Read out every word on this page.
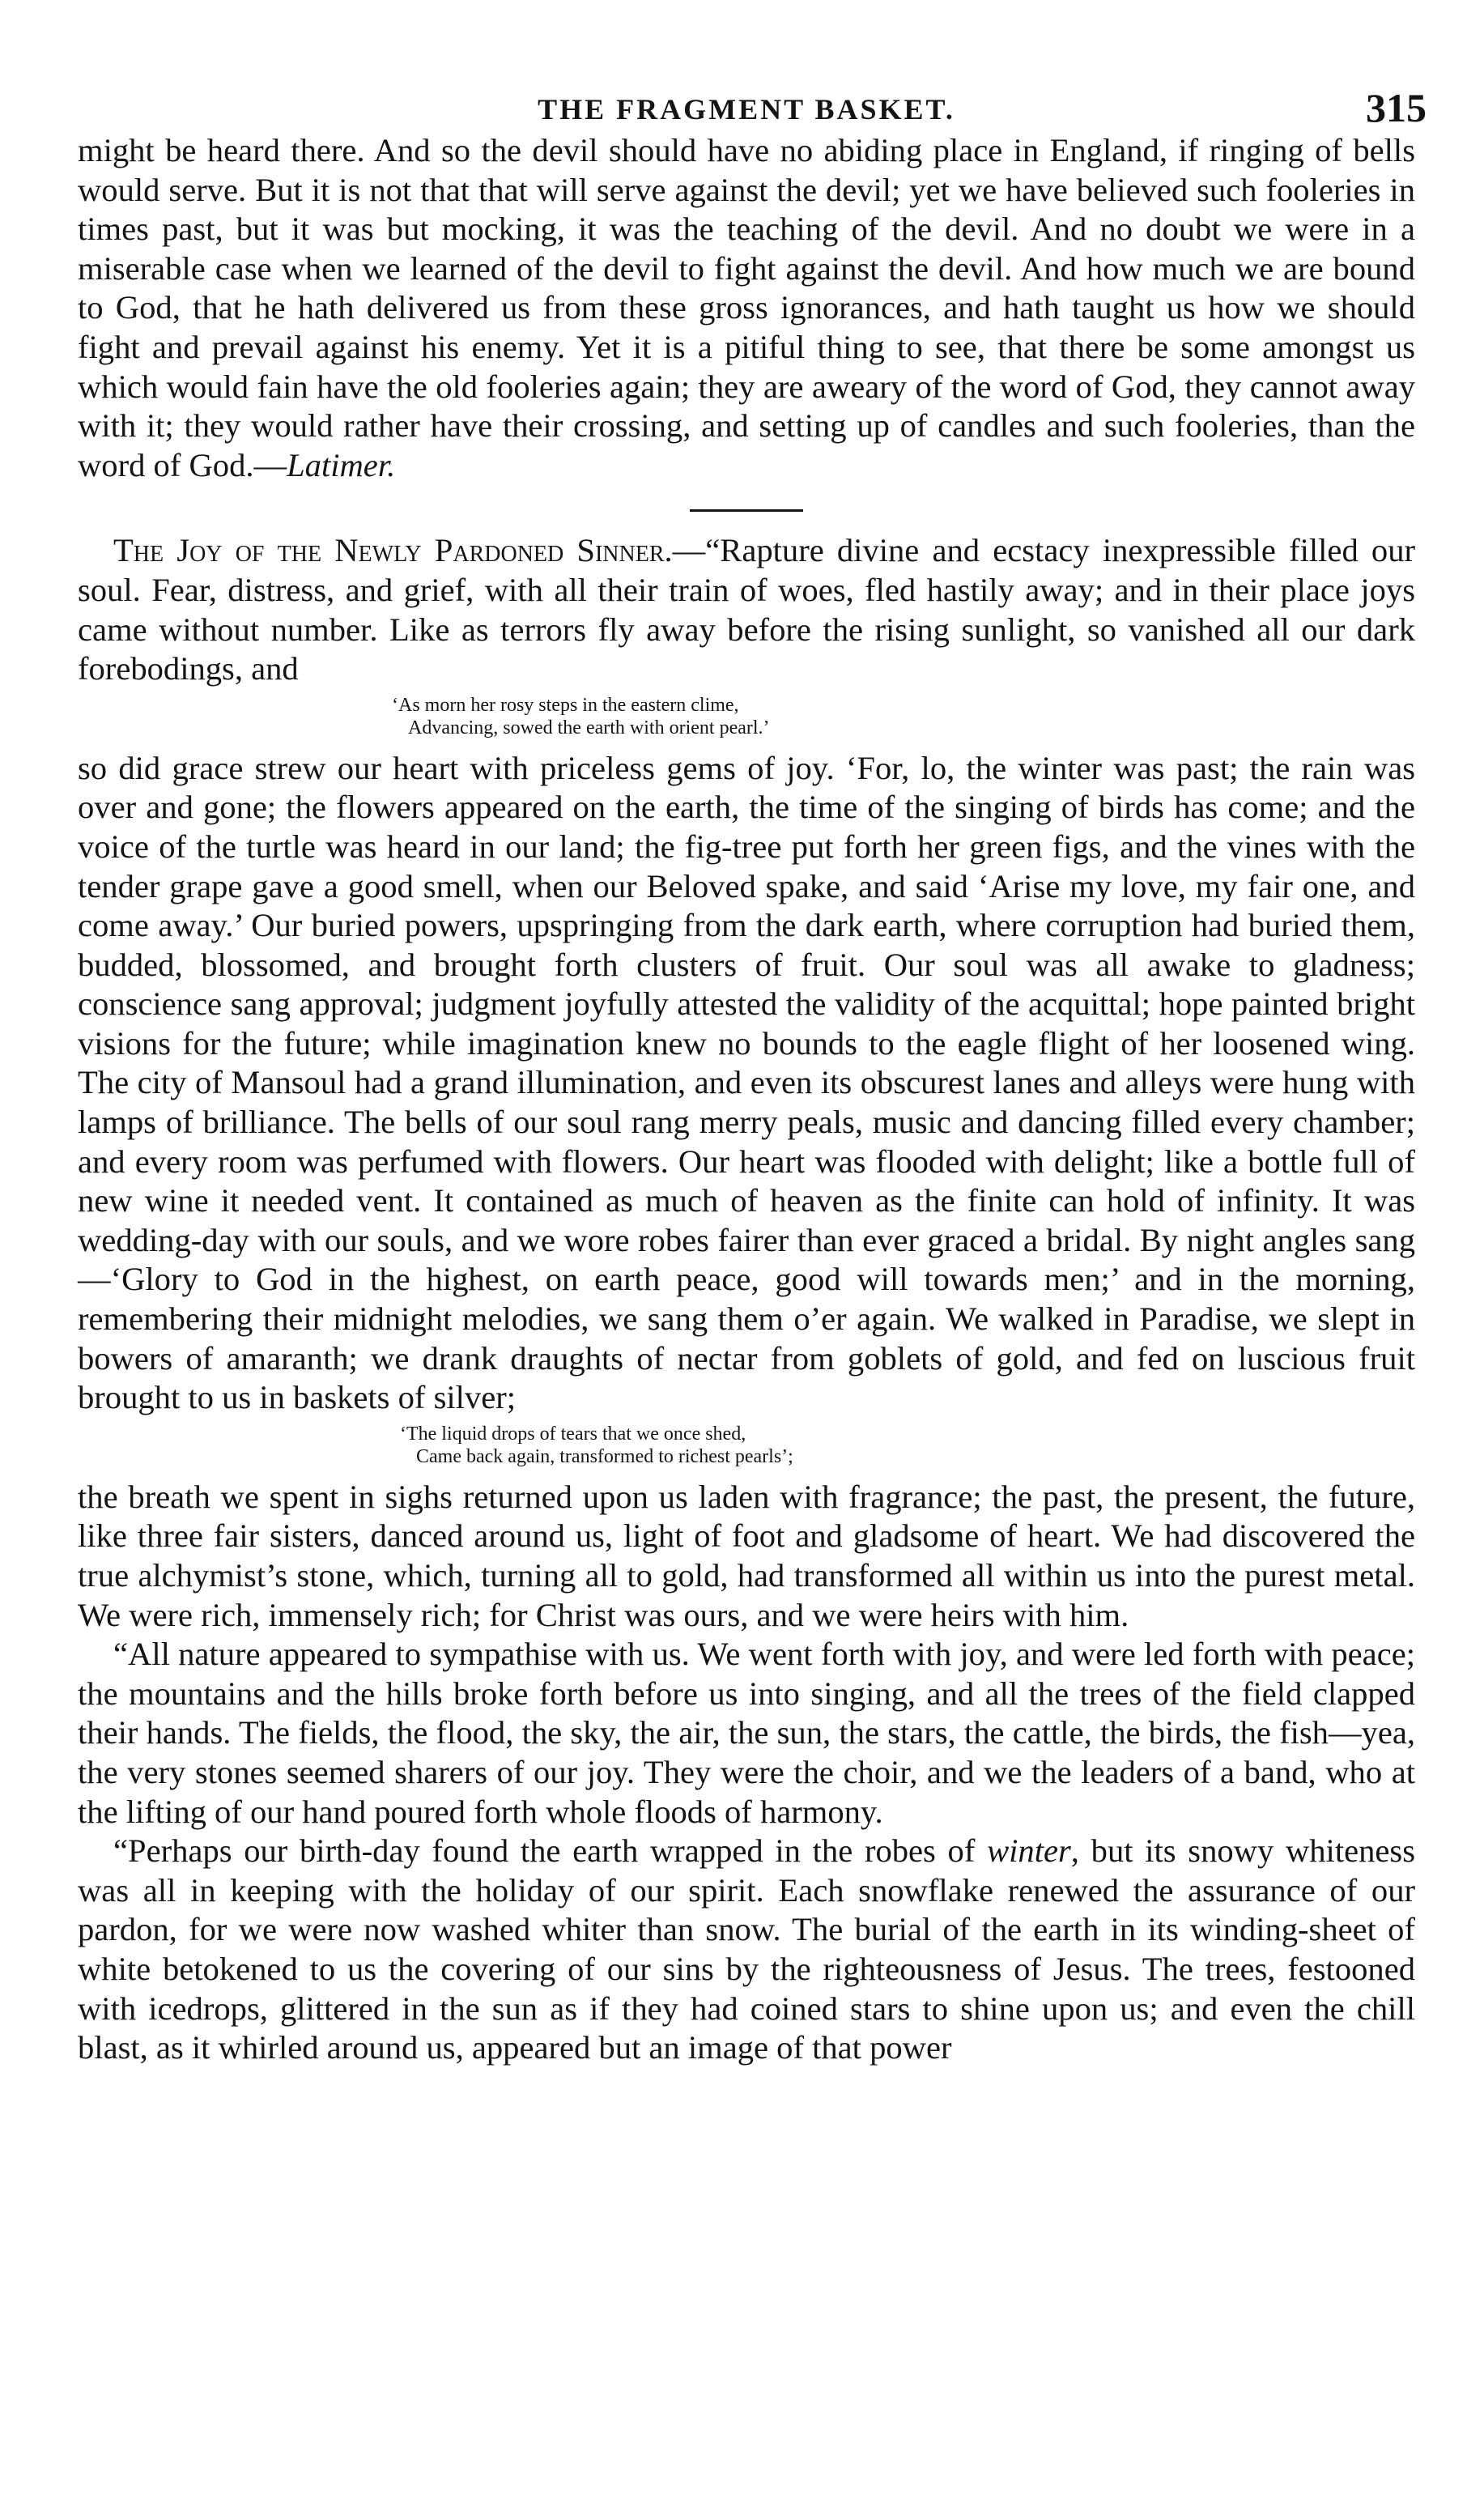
THE FRAGMENT BASKET.	315

might be heard there. And so the devil should have no abiding place in England, if ringing of bells would serve. But it is not that that will serve against the devil; yet we have believed such fooleries in times past, but it was but mocking, it was the teaching of the devil. And no doubt we were in a miserable case when we learned of the devil to fight against the devil. And how much we are bound to God, that he hath delivered us from these gross ignorances, and hath taught us how we should fight and prevail against his enemy. Yet it is a pitiful thing to see, that there be some amongst us which would fain have the old fooleries again; they are aweary of the word of God, they cannot away with it; they would rather have their crossing, and setting up of candles and such fooleries, than the word of God.—Latimer.

The Joy of the Newly Pardoned Sinner.—“Rapture divine and ecstacy inexpressible filled our soul. Fear, distress, and grief, with all their train of woes, fled hastily away; and in their place joys came without number. Like as terrors fly away before the rising sunlight, so vanished all our dark forebodings, and

‘As morn her rosy steps in the eastern clime,
Advancing, sowed the earth with orient pearl.’

so did grace strew our heart with priceless gems of joy. ‘For, lo, the winter was past; the rain was over and gone; the flowers appeared on the earth, the time of the singing of birds has come; and the voice of the turtle was heard in our land; the fig-tree put forth her green figs, and the vines with the tender grape gave a good smell, when our Beloved spake, and said ‘Arise my love, my fair one, and come away.’ Our buried powers, upspringing from the dark earth, where corruption had buried them, budded, blossomed, and brought forth clusters of fruit. Our soul was all awake to gladness; conscience sang approval; judgment joyfully attested the validity of the acquittal; hope painted bright visions for the future; while imagination knew no bounds to the eagle flight of her loosened wing. The city of Mansoul had a grand illumination, and even its obscurest lanes and alleys were hung with lamps of brilliance. The bells of our soul rang merry peals, music and dancing filled every chamber; and every room was perfumed with flowers. Our heart was flooded with delight; like a bottle full of new wine it needed vent. It contained as much of heaven as the finite can hold of infinity. It was wedding-day with our souls, and we wore robes fairer than ever graced a bridal. By night angles sang—‘Glory to God in the highest, on earth peace, good will towards men;’ and in the morning, remembering their midnight melodies, we sang them o’er again. We walked in Paradise, we slept in bowers of amaranth; we drank draughts of nectar from goblets of gold, and fed on luscious fruit brought to us in baskets of silver;

‘The liquid drops of tears that we once shed,
Came back again, transformed to richest pearls’;

the breath we spent in sighs returned upon us laden with fragrance; the past, the present, the future, like three fair sisters, danced around us, light of foot and gladsome of heart. We had discovered the true alchymist’s stone, which, turning all to gold, had transformed all within us into the purest metal. We were rich, immensely rich; for Christ was ours, and we were heirs with him.

“All nature appeared to sympathise with us. We went forth with joy, and were led forth with peace; the mountains and the hills broke forth before us into singing, and all the trees of the field clapped their hands. The fields, the flood, the sky, the air, the sun, the stars, the cattle, the birds, the fish—yea, the very stones seemed sharers of our joy. They were the choir, and we the leaders of a band, who at the lifting of our hand poured forth whole floods of harmony.

“Perhaps our birth-day found the earth wrapped in the robes of winter, but its snowy whiteness was all in keeping with the holiday of our spirit. Each snowflake renewed the assurance of our pardon, for we were now washed whiter than snow. The burial of the earth in its winding-sheet of white betokened to us the covering of our sins by the righteousness of Jesus. The trees, festooned with icedrops, glittered in the sun as if they had coined stars to shine upon us; and even the chill blast, as it whirled around us, appeared but an image of that power
